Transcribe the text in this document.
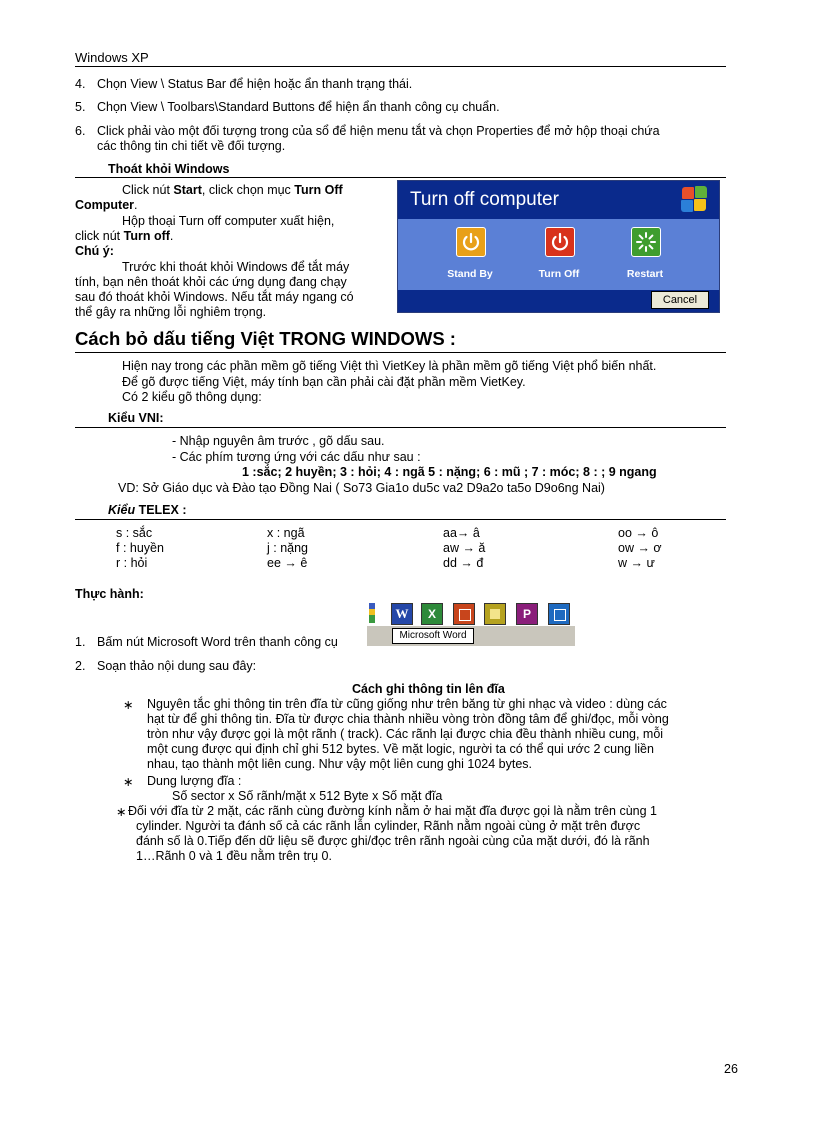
Windows XP
4. Chọn View \ Status Bar để hiện hoặc ẩn thanh trạng thái.
5. Chọn View \ Toolbars\Standard Buttons để hiện ẩn thanh công cụ chuẩn.
6. Click phải vào một đối tượng trong của sổ để hiện menu tắt và chọn Properties để mở hộp thoại chứa
các thông tin chi tiết về đối tượng.
Thoát khỏi Windows
Click nút Start, click chọn mục Turn Off
Computer.
Hộp thoại Turn off computer xuất hiện,
click nút Turn off.
Chú ý:
Trước khi thoát khỏi Windows để tắt máy
tính, bạn nên thoát khỏi các ứng dụng đang chạy
sau đó thoát khỏi Windows. Nếu tắt máy ngang có
thể gây ra những lỗi nghiêm trọng.
Turn off computer
Stand By	Turn Off	Restart
Cancel
Cách bỏ dấu tiếng Việt TRONG WINDOWS :
Hiện nay trong các phần mềm gõ tiếng Việt thì VietKey là phần mềm gõ tiếng Việt phổ biến nhất.
Để gõ được tiếng Việt, máy tính bạn cần phải cài đặt phần mềm VietKey.
Có 2 kiểu gõ thông dụng:
Kiểu VNI:
- Nhập nguyên âm trước , gõ dấu sau.
- Các phím tương ứng với các dấu như sau :
1 :sắc; 2 huyền; 3 : hỏi; 4 : ngã 5 : nặng; 6 : mũ ; 7 : móc; 8 : ; 9 ngang
VD: Sở Giáo dục và Đào tạo Đồng Nai ( So73 Gia1o du5c va2 D9a2o ta5o D9o6ng Nai)
Kiểu TELEX :
s : sắc	x : ngã	aa→ â	oo → ô
f : huyền	j : nặng	aw → ă	ow → ơ
r : hỏi	ee → ê	dd → đ	w → ư
Thực hành:
W	X	P
Microsoft Word
1. Bấm nút Microsoft Word trên thanh công cụ
2. Soạn thảo nội dung sau đây:
Cách ghi thông tin lên đĩa
∗ Nguyên tắc ghi thông tin trên đĩa từ cũng giống như trên băng từ ghi nhạc và video : dùng các
hạt từ để ghi thông tin. Đĩa từ được chia thành nhiều vòng tròn đồng tâm để ghi/đọc, mỗi vòng
tròn như vậy được gọi là một rãnh ( track). Các rãnh lại được chia đều thành nhiều cung, mỗi
một cung được qui định chỉ ghi 512 bytes. Về mặt logic, người ta có thể qui ước 2 cung liền
nhau, tạo thành một liên cung. Như vậy một liên cung ghi 1024 bytes.
∗ Dung lượng đĩa :
Số sector x Số rãnh/mặt x 512 Byte x Số mặt đĩa
∗ Đối với đĩa từ 2 mặt, các rãnh cùng đường kính nằm ở hai mặt đĩa được gọi là nằm trên cùng 1
cylinder. Người ta đánh số cả các rãnh lẫn cylinder, Rãnh nằm ngoài cùng ở mặt trên được
đánh số là 0.Tiếp đến dữ liệu sẽ được ghi/đọc trên rãnh ngoài cùng của mặt dưới, đó là rãnh
1…Rãnh 0 và 1 đều nằm trên trụ 0.
26
